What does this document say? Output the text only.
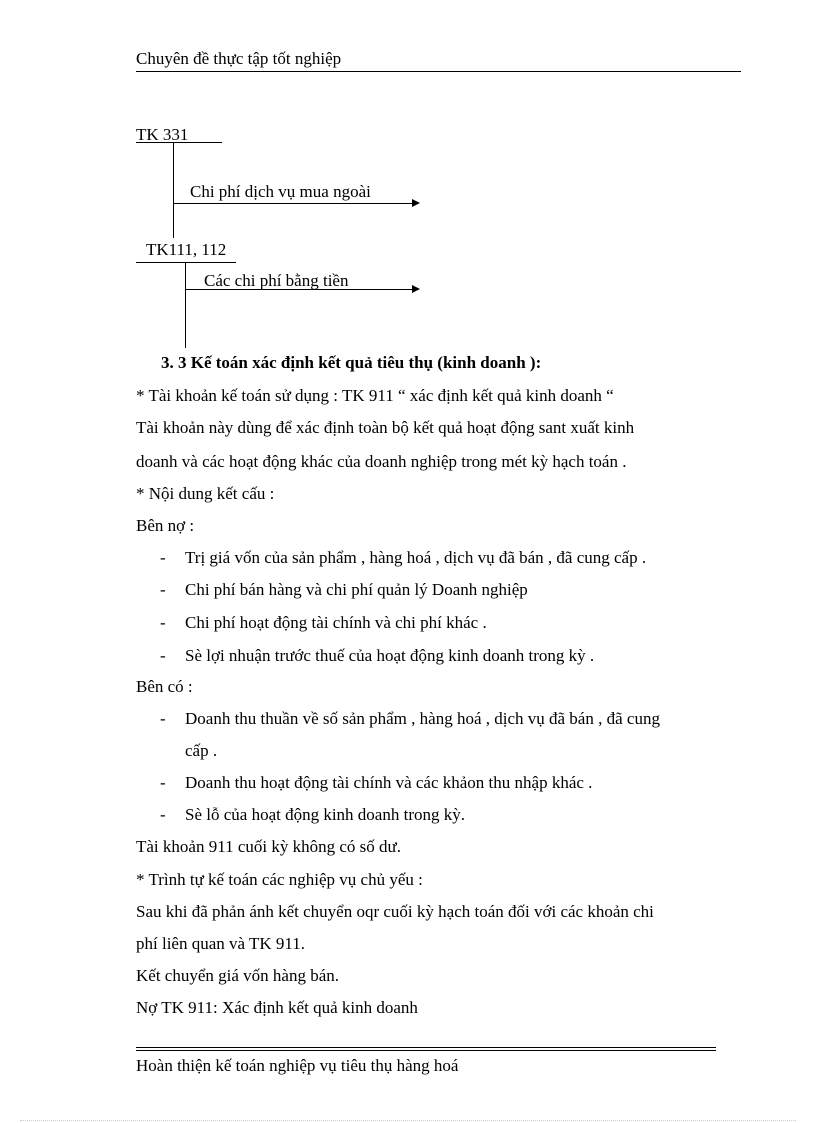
Chuyên đề thực tập tốt nghiệp
TK 331
Chi phí dịch vụ mua ngoài
TK111, 112
Các chi phí bằng tiền
3. 3 Kế toán xác định kết quả tiêu thụ (kinh doanh ):
* Tài khoản kế toán sử dụng : TK 911 “ xác định kết quả kinh doanh “
Tài khoản này dùng để xác định toàn bộ kết quả hoạt động sant xuất kinh
doanh và các hoạt động khác của doanh nghiệp trong mét kỳ hạch toán .
* Nội dung kết cấu :
Bên nợ :
- Trị giá vốn của sản phẩm , hàng hoá , dịch vụ đã bán , đã cung cấp .
- Chi phí bán hàng và chi phí quản lý Doanh nghiệp
- Chi phí hoạt động tài chính và chi phí khác .
- Sè lợi nhuận trước thuế của hoạt động kinh doanh trong kỳ .
Bên có :
- Doanh thu thuần về số sản phẩm , hàng hoá , dịch vụ đã bán , đã cung
cấp .
- Doanh thu hoạt động tài chính và các khảon thu nhập khác .
- Sè lỗ của hoạt động kinh doanh trong kỳ.
Tài khoản 911 cuối kỳ không có số dư.
* Trình tự kế toán các nghiệp vụ chủ yếu :
Sau khi đã phản ánh kết chuyển oqr cuối kỳ hạch toán đối với các khoản chi
phí liên quan và TK 911.
Kết chuyển giá vốn hàng bán.
Nợ TK 911: Xác định kết quả kinh doanh
Hoàn thiện kế toán nghiệp vụ tiêu thụ hàng hoá
